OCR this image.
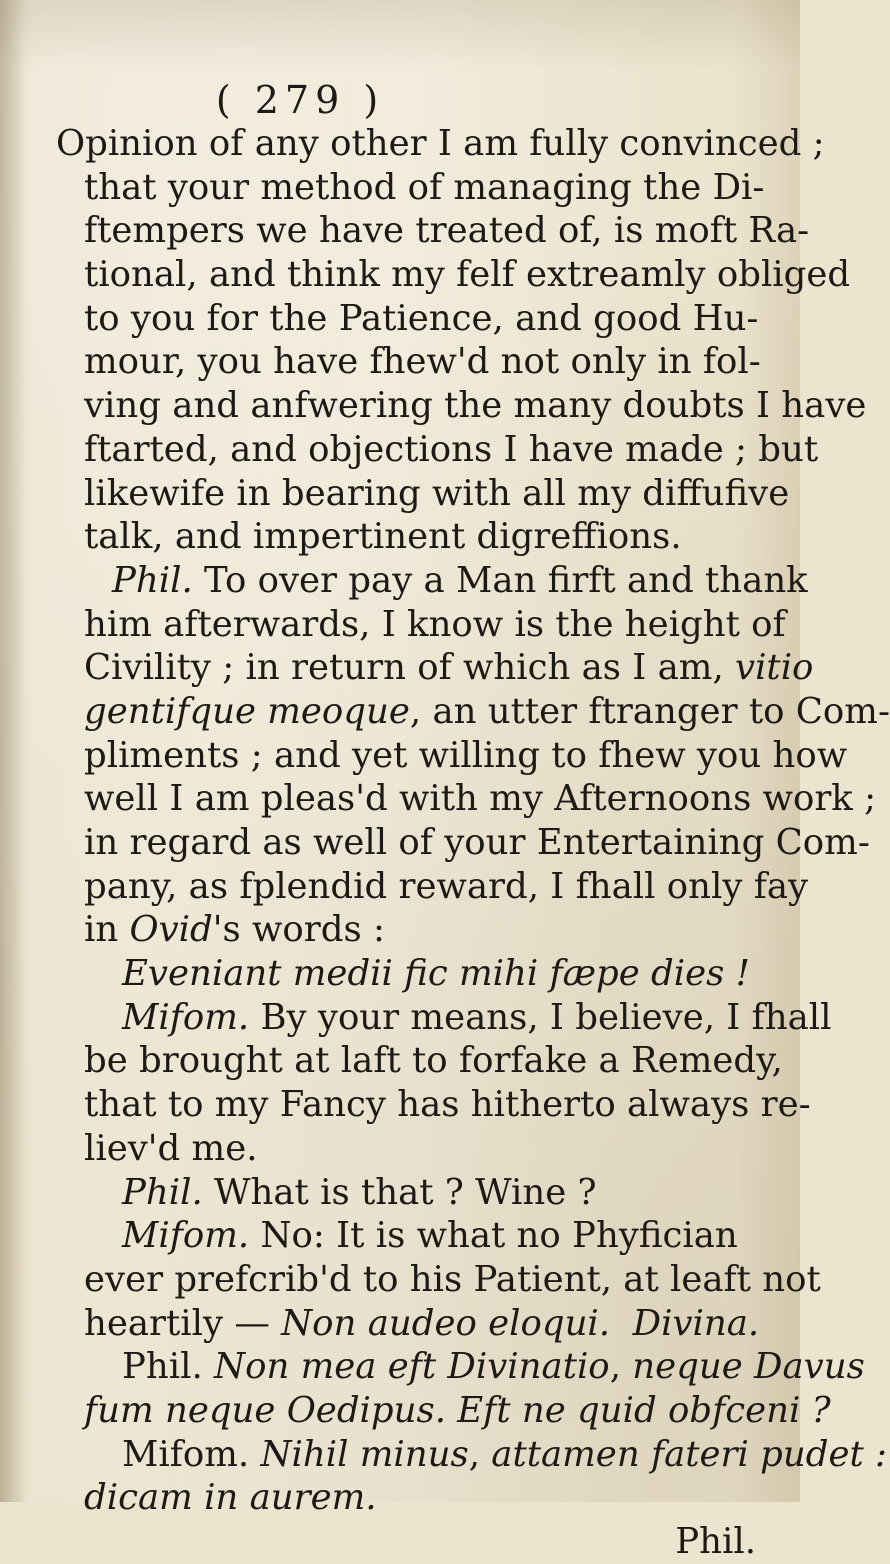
( 279 )
Opinion of any other I am fully convinced ;
that your method of managing the Di-
ftempers we have treated of, is moft Ra-
tional, and think my felf extreamly obliged
to you for the Patience, and good Hu-
mour, you have fhew'd not only in fol-
ving and anfwering the many doubts I have
ftarted, and objections I have made ; but
likewife in bearing with all my diffufive
talk, and impertinent digreffions.
Phil. To over pay a Man firft and thank
him afterwards, I know is the height of
Civility ; in return of which as I am, vitio
gentifque meoque, an utter ftranger to Com-
pliments ; and yet willing to fhew you how
well I am pleas'd with my Afternoons work ;
in regard as well of your Entertaining Com-
pany, as fplendid reward, I fhall only fay
in Ovid's words :
Eveniant medii fic mihi fæpe dies !
Mifom. By your means, I believe, I fhall
be brought at laft to forfake a Remedy,
that to my Fancy has hitherto always re-
liev'd me.
Phil. What is that ? Wine ?
Mifom. No: It is what no Phyfician
ever prefcrib'd to his Patient, at leaft not
heartily — Non audeo eloqui. Divina.
Phil. Non mea eft Divinatio, neque Davus
fum neque Oedipus. Eft ne quid obfceni ?
Mifom. Nihil minus, attamen fateri pudet :
dicam in aurem.
Phil.
